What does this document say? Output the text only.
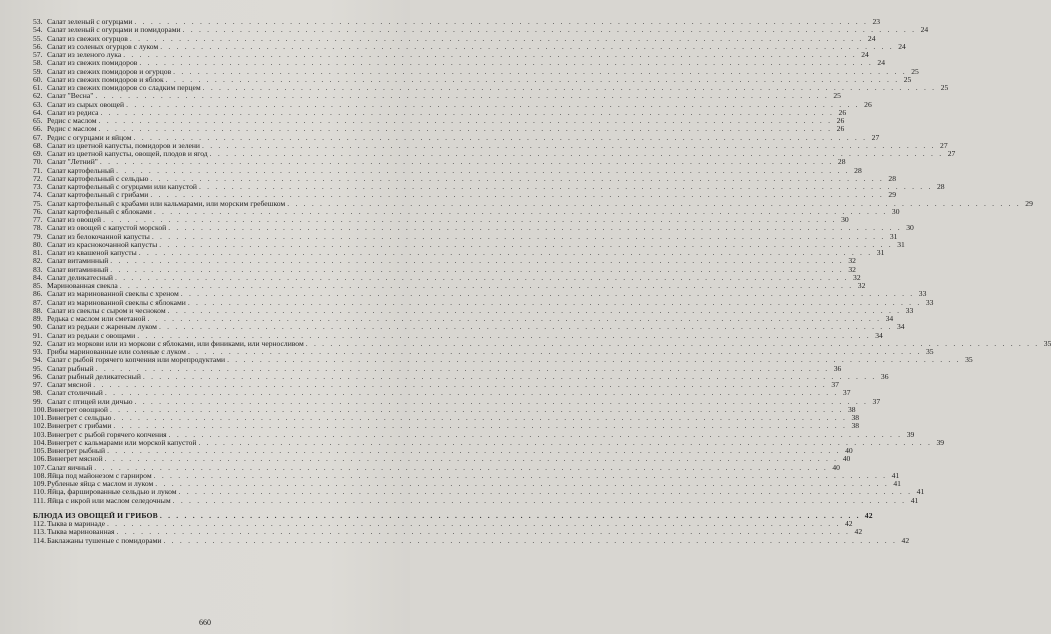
53. Салат зеленый с огурцами . . . . . . . . . . . . . . . . . . . . . . . . . . . . . . . . . . . . . . . . . . . . . . . . . . . . . . . . . . . . . . . . . . . . . . . . . . . . . . . . . . . . . . . . . . 23
54. Салат зеленый с огурцами и помидорами . . . . . . . . . . . . . . . . . . . . . . . . . . . . . . . . . . . . . . . . . . . . . . . . . . . . . . . . . . . . . . . . . . . . . . . . . . . . . . . . . . . . . . . . . . 24
55. Салат из свежих огурцов . . . . . . . . . . . . . . . . . . . . . . . . . . . . . . . . . . . . . . . . . . . . . . . . . . . . . . . . . . . . . . . . . . . . . . . . . . . . . . . . . . . . . . . . . . 24
56. Салат из соленых огурцов с луком . . . . . . . . . . . . . . . . . . . . . . . . . . . . . . . . . . . . . . . . . . . . . . . . . . . . . . . . . . . . . . . . . . . . . . . . . . . . . . . . . . . . . . . . . . 24
57. Салат из зеленого лука . . . . . . . . . . . . . . . . . . . . . . . . . . . . . . . . . . . . . . . . . . . . . . . . . . . . . . . . . . . . . . . . . . . . . . . . . . . . . . . . . . . . . . . . . . 24
58. Салат из свежих помидоров . . . . . . . . . . . . . . . . . . . . . . . . . . . . . . . . . . . . . . . . . . . . . . . . . . . . . . . . . . . . . . . . . . . . . . . . . . . . . . . . . . . . . . . . . . 24
59. Салат из свежих помидоров и огурцов . . . . . . . . . . . . . . . . . . . . . . . . . . . . . . . . . . . . . . . . . . . . . . . . . . . . . . . . . . . . . . . . . . . . . . . . . . . . . . . . . . . . . . . . . . 25
60. Салат из свежих помидоров и яблок . . . . . . . . . . . . . . . . . . . . . . . . . . . . . . . . . . . . . . . . . . . . . . . . . . . . . . . . . . . . . . . . . . . . . . . . . . . . . . . . . . . . . . . . . . 25
61. Салат из свежих помидоров со сладким перцем . . . . . . . . . . . . . . . . . . . . . . . . . . . . . . . . . . . . . . . . . . . . . . . . . . . . . . . . . . . . . . . . . . . . . . . . . . . . . . . . . . . . . . . . . . 25
62. Салат "Весна" . . . . . . . . . . . . . . . . . . . . . . . . . . . . . . . . . . . . . . . . . . . . . . . . . . . . . . . . . . . . . . . . . . . . . . . . . . . . . . . . . . . . . . . . . . 25
63. Салат из сырых овощей . . . . . . . . . . . . . . . . . . . . . . . . . . . . . . . . . . . . . . . . . . . . . . . . . . . . . . . . . . . . . . . . . . . . . . . . . . . . . . . . . . . . . . . . . . 26
64. Салат из редиса . . . . . . . . . . . . . . . . . . . . . . . . . . . . . . . . . . . . . . . . . . . . . . . . . . . . . . . . . . . . . . . . . . . . . . . . . . . . . . . . . . . . . . . . . . 26
65. Редис с маслом . . . . . . . . . . . . . . . . . . . . . . . . . . . . . . . . . . . . . . . . . . . . . . . . . . . . . . . . . . . . . . . . . . . . . . . . . . . . . . . . . . . . . . . . . . 26
66. Редис с маслом . . . . . . . . . . . . . . . . . . . . . . . . . . . . . . . . . . . . . . . . . . . . . . . . . . . . . . . . . . . . . . . . . . . . . . . . . . . . . . . . . . . . . . . . . . 26
67. Редис с огурцами и яйцом . . . . . . . . . . . . . . . . . . . . . . . . . . . . . . . . . . . . . . . . . . . . . . . . . . . . . . . . . . . . . . . . . . . . . . . . . . . . . . . . . . . . . . . . . . 27
68. Салат из цветной капусты, помидоров и зелени . . . . . . . . . . . . . . . . . . . . . . . . . . . . . . . . . . . . . . . . . . . . . . . . . . . . . . . . . . . . . . . . . . . . . . . . . . . . . . . . . . . . . . . . . . 27
69. Салат из цветной капусты, овощей, плодов и ягод . . . . . . . . . . . . . . . . . . . . . . . . . . . . . . . . . . . . . . . . . . . . . . . . . . . . . . . . . . . . . . . . . . . . . . . . . . . . . . . . . . . . . . . . . . 27
70. Салат "Летний" . . . . . . . . . . . . . . . . . . . . . . . . . . . . . . . . . . . . . . . . . . . . . . . . . . . . . . . . . . . . . . . . . . . . . . . . . . . . . . . . . . . . . . . . . . 28
71. Салат картофельный . . . . . . . . . . . . . . . . . . . . . . . . . . . . . . . . . . . . . . . . . . . . . . . . . . . . . . . . . . . . . . . . . . . . . . . . . . . . . . . . . . . . . . . . . . 28
72. Салат картофельный с сельдью . . . . . . . . . . . . . . . . . . . . . . . . . . . . . . . . . . . . . . . . . . . . . . . . . . . . . . . . . . . . . . . . . . . . . . . . . . . . . . . . . . . . . . . . . . 28
73. Салат картофельный с огурцами или капустой . . . . . . . . . . . . . . . . . . . . . . . . . . . . . . . . . . . . . . . . . . . . . . . . . . . . . . . . . . . . . . . . . . . . . . . . . . . . . . . . . . . . . . . . . . 28
74. Салат картофельный с грибами . . . . . . . . . . . . . . . . . . . . . . . . . . . . . . . . . . . . . . . . . . . . . . . . . . . . . . . . . . . . . . . . . . . . . . . . . . . . . . . . . . . . . . . . . . 29
75. Салат картофельный с крабами или кальмарами, или морским гребешком . . . . . . . . . . . . . . . . . . . . . . . . . . . . . . . . . . . . . . . . . . . . . . . . . . . . . . . . . . . . . . . . . . . . . . . . . . . . . . . . . . . . . . . . . . 29
76. Салат картофельный с яблоками . . . . . . . . . . . . . . . . . . . . . . . . . . . . . . . . . . . . . . . . . . . . . . . . . . . . . . . . . . . . . . . . . . . . . . . . . . . . . . . . . . . . . . . . . . 30
77. Салат из овощей . . . . . . . . . . . . . . . . . . . . . . . . . . . . . . . . . . . . . . . . . . . . . . . . . . . . . . . . . . . . . . . . . . . . . . . . . . . . . . . . . . . . . . . . . . 30
78. Салат из овощей с капустой морской . . . . . . . . . . . . . . . . . . . . . . . . . . . . . . . . . . . . . . . . . . . . . . . . . . . . . . . . . . . . . . . . . . . . . . . . . . . . . . . . . . . . . . . . . . 30
79. Салат из белокочанной капусты . . . . . . . . . . . . . . . . . . . . . . . . . . . . . . . . . . . . . . . . . . . . . . . . . . . . . . . . . . . . . . . . . . . . . . . . . . . . . . . . . . . . . . . . . . 31
80. Салат из краснокочанной капусты . . . . . . . . . . . . . . . . . . . . . . . . . . . . . . . . . . . . . . . . . . . . . . . . . . . . . . . . . . . . . . . . . . . . . . . . . . . . . . . . . . . . . . . . . . 31
81. Салат из квашеной капусты . . . . . . . . . . . . . . . . . . . . . . . . . . . . . . . . . . . . . . . . . . . . . . . . . . . . . . . . . . . . . . . . . . . . . . . . . . . . . . . . . . . . . . . . . . 31
82. Салат витаминный . . . . . . . . . . . . . . . . . . . . . . . . . . . . . . . . . . . . . . . . . . . . . . . . . . . . . . . . . . . . . . . . . . . . . . . . . . . . . . . . . . . . . . . . . . 32
83. Салат витаминный . . . . . . . . . . . . . . . . . . . . . . . . . . . . . . . . . . . . . . . . . . . . . . . . . . . . . . . . . . . . . . . . . . . . . . . . . . . . . . . . . . . . . . . . . . 32
84. Салат деликатесный . . . . . . . . . . . . . . . . . . . . . . . . . . . . . . . . . . . . . . . . . . . . . . . . . . . . . . . . . . . . . . . . . . . . . . . . . . . . . . . . . . . . . . . . . . 32
85. Маринованная свекла . . . . . . . . . . . . . . . . . . . . . . . . . . . . . . . . . . . . . . . . . . . . . . . . . . . . . . . . . . . . . . . . . . . . . . . . . . . . . . . . . . . . . . . . . . 32
86. Салат из маринованной свеклы с хреном . . . . . . . . . . . . . . . . . . . . . . . . . . . . . . . . . . . . . . . . . . . . . . . . . . . . . . . . . . . . . . . . . . . . . . . . . . . . . . . . . . . . . . . . . . 33
87. Салат из маринованной свеклы с яблоками . . . . . . . . . . . . . . . . . . . . . . . . . . . . . . . . . . . . . . . . . . . . . . . . . . . . . . . . . . . . . . . . . . . . . . . . . . . . . . . . . . . . . . . . . . 33
88. Салат из свеклы с сыром и чесноком . . . . . . . . . . . . . . . . . . . . . . . . . . . . . . . . . . . . . . . . . . . . . . . . . . . . . . . . . . . . . . . . . . . . . . . . . . . . . . . . . . . . . . . . . . 33
89. Редька с маслом или сметаной . . . . . . . . . . . . . . . . . . . . . . . . . . . . . . . . . . . . . . . . . . . . . . . . . . . . . . . . . . . . . . . . . . . . . . . . . . . . . . . . . . . . . . . . . . 34
90. Салат из редьки с жареным луком . . . . . . . . . . . . . . . . . . . . . . . . . . . . . . . . . . . . . . . . . . . . . . . . . . . . . . . . . . . . . . . . . . . . . . . . . . . . . . . . . . . . . . . . . . 34
91. Салат из редьки с овощами . . . . . . . . . . . . . . . . . . . . . . . . . . . . . . . . . . . . . . . . . . . . . . . . . . . . . . . . . . . . . . . . . . . . . . . . . . . . . . . . . . . . . . . . . . 34
92. Салат из моркови или из моркови с яблоками, или финиками, или черносливом . . . . . . . . . . . . . . . . . . . . . . . . . . . . . . . . . . . . . . . . . . . . . . . . . . . . . . . . . . . . . . . . . . . . . . . . . . . . . . . . . . . . . . . . . . 35
93. Грибы маринованные или соленые с луком . . . . . . . . . . . . . . . . . . . . . . . . . . . . . . . . . . . . . . . . . . . . . . . . . . . . . . . . . . . . . . . . . . . . . . . . . . . . . . . . . . . . . . . . . . 35
94. Салат с рыбой горячего копчения или морепродуктами . . . . . . . . . . . . . . . . . . . . . . . . . . . . . . . . . . . . . . . . . . . . . . . . . . . . . . . . . . . . . . . . . . . . . . . . . . . . . . . . . . . . . . . . . . 35
95. Салат рыбный . . . . . . . . . . . . . . . . . . . . . . . . . . . . . . . . . . . . . . . . . . . . . . . . . . . . . . . . . . . . . . . . . . . . . . . . . . . . . . . . . . . . . . . . . . 36
96. Салат рыбный деликатесный . . . . . . . . . . . . . . . . . . . . . . . . . . . . . . . . . . . . . . . . . . . . . . . . . . . . . . . . . . . . . . . . . . . . . . . . . . . . . . . . . . . . . . . . . . 36
97. Салат мясной . . . . . . . . . . . . . . . . . . . . . . . . . . . . . . . . . . . . . . . . . . . . . . . . . . . . . . . . . . . . . . . . . . . . . . . . . . . . . . . . . . . . . . . . . . 37
98. Салат столичный . . . . . . . . . . . . . . . . . . . . . . . . . . . . . . . . . . . . . . . . . . . . . . . . . . . . . . . . . . . . . . . . . . . . . . . . . . . . . . . . . . . . . . . . . . 37
99. Салат с птицей или дичью . . . . . . . . . . . . . . . . . . . . . . . . . . . . . . . . . . . . . . . . . . . . . . . . . . . . . . . . . . . . . . . . . . . . . . . . . . . . . . . . . . . . . . . . . . 37
100. Винегрет овощной . . . . . . . . . . . . . . . . . . . . . . . . . . . . . . . . . . . . . . . . . . . . . . . . . . . . . . . . . . . . . . . . . . . . . . . . . . . . . . . . . . . . . . . . . . 38
101. Винегрет с сельдью . . . . . . . . . . . . . . . . . . . . . . . . . . . . . . . . . . . . . . . . . . . . . . . . . . . . . . . . . . . . . . . . . . . . . . . . . . . . . . . . . . . . . . . . . . 38
102. Винегрет с грибами . . . . . . . . . . . . . . . . . . . . . . . . . . . . . . . . . . . . . . . . . . . . . . . . . . . . . . . . . . . . . . . . . . . . . . . . . . . . . . . . . . . . . . . . . . 38
103. Винегрет с рыбой горячего копчения . . . . . . . . . . . . . . . . . . . . . . . . . . . . . . . . . . . . . . . . . . . . . . . . . . . . . . . . . . . . . . . . . . . . . . . . . . . . . . . . . . . . . . . . . . 39
104. Винегрет с кальмарами или морской капустой . . . . . . . . . . . . . . . . . . . . . . . . . . . . . . . . . . . . . . . . . . . . . . . . . . . . . . . . . . . . . . . . . . . . . . . . . . . . . . . . . . . . . . . . . . 39
105. Винегрет рыбный . . . . . . . . . . . . . . . . . . . . . . . . . . . . . . . . . . . . . . . . . . . . . . . . . . . . . . . . . . . . . . . . . . . . . . . . . . . . . . . . . . . . . . . . . . 40
106. Винегрет мясной . . . . . . . . . . . . . . . . . . . . . . . . . . . . . . . . . . . . . . . . . . . . . . . . . . . . . . . . . . . . . . . . . . . . . . . . . . . . . . . . . . . . . . . . . . 40
107. Салат яичный . . . . . . . . . . . . . . . . . . . . . . . . . . . . . . . . . . . . . . . . . . . . . . . . . . . . . . . . . . . . . . . . . . . . . . . . . . . . . . . . . . . . . . . . . . 40
108. Яйца под майонезом с гарниром . . . . . . . . . . . . . . . . . . . . . . . . . . . . . . . . . . . . . . . . . . . . . . . . . . . . . . . . . . . . . . . . . . . . . . . . . . . . . . . . . . . . . . . . . . 41
109. Рубленые яйца с маслом и луком . . . . . . . . . . . . . . . . . . . . . . . . . . . . . . . . . . . . . . . . . . . . . . . . . . . . . . . . . . . . . . . . . . . . . . . . . . . . . . . . . . . . . . . . . . 41
110. Яйца, фаршированные сельдью и луком . . . . . . . . . . . . . . . . . . . . . . . . . . . . . . . . . . . . . . . . . . . . . . . . . . . . . . . . . . . . . . . . . . . . . . . . . . . . . . . . . . . . . . . . . . 41
111. Яйца с икрой или маслом селедочным . . . . . . . . . . . . . . . . . . . . . . . . . . . . . . . . . . . . . . . . . . . . . . . . . . . . . . . . . . . . . . . . . . . . . . . . . . . . . . . . . . . . . . . . . . 41
БЛЮДА ИЗ ОВОЩЕЙ И ГРИБОВ . . . . . . . . . . . . . . . . . . . . . . . . . . . . . . . . . . . . . . . . . . . . . . . . . . . . . . . . . . . . . . . . . . . . . . . . . . . . . . . . . . . . . . 42
112. Тыква в маринаде . . . . . . . . . . . . . . . . . . . . . . . . . . . . . . . . . . . . . . . . . . . . . . . . . . . . . . . . . . . . . . . . . . . . . . . . . . . . . . . . . . . . . . . . . . 42
113. Тыква маринованная . . . . . . . . . . . . . . . . . . . . . . . . . . . . . . . . . . . . . . . . . . . . . . . . . . . . . . . . . . . . . . . . . . . . . . . . . . . . . . . . . . . . . . . . . . 42
114. Баклажаны тушеные с помидорами . . . . . . . . . . . . . . . . . . . . . . . . . . . . . . . . . . . . . . . . . . . . . . . . . . . . . . . . . . . . . . . . . . . . . . . . . . . . . . . . . . . . . . . . . . 42
660
